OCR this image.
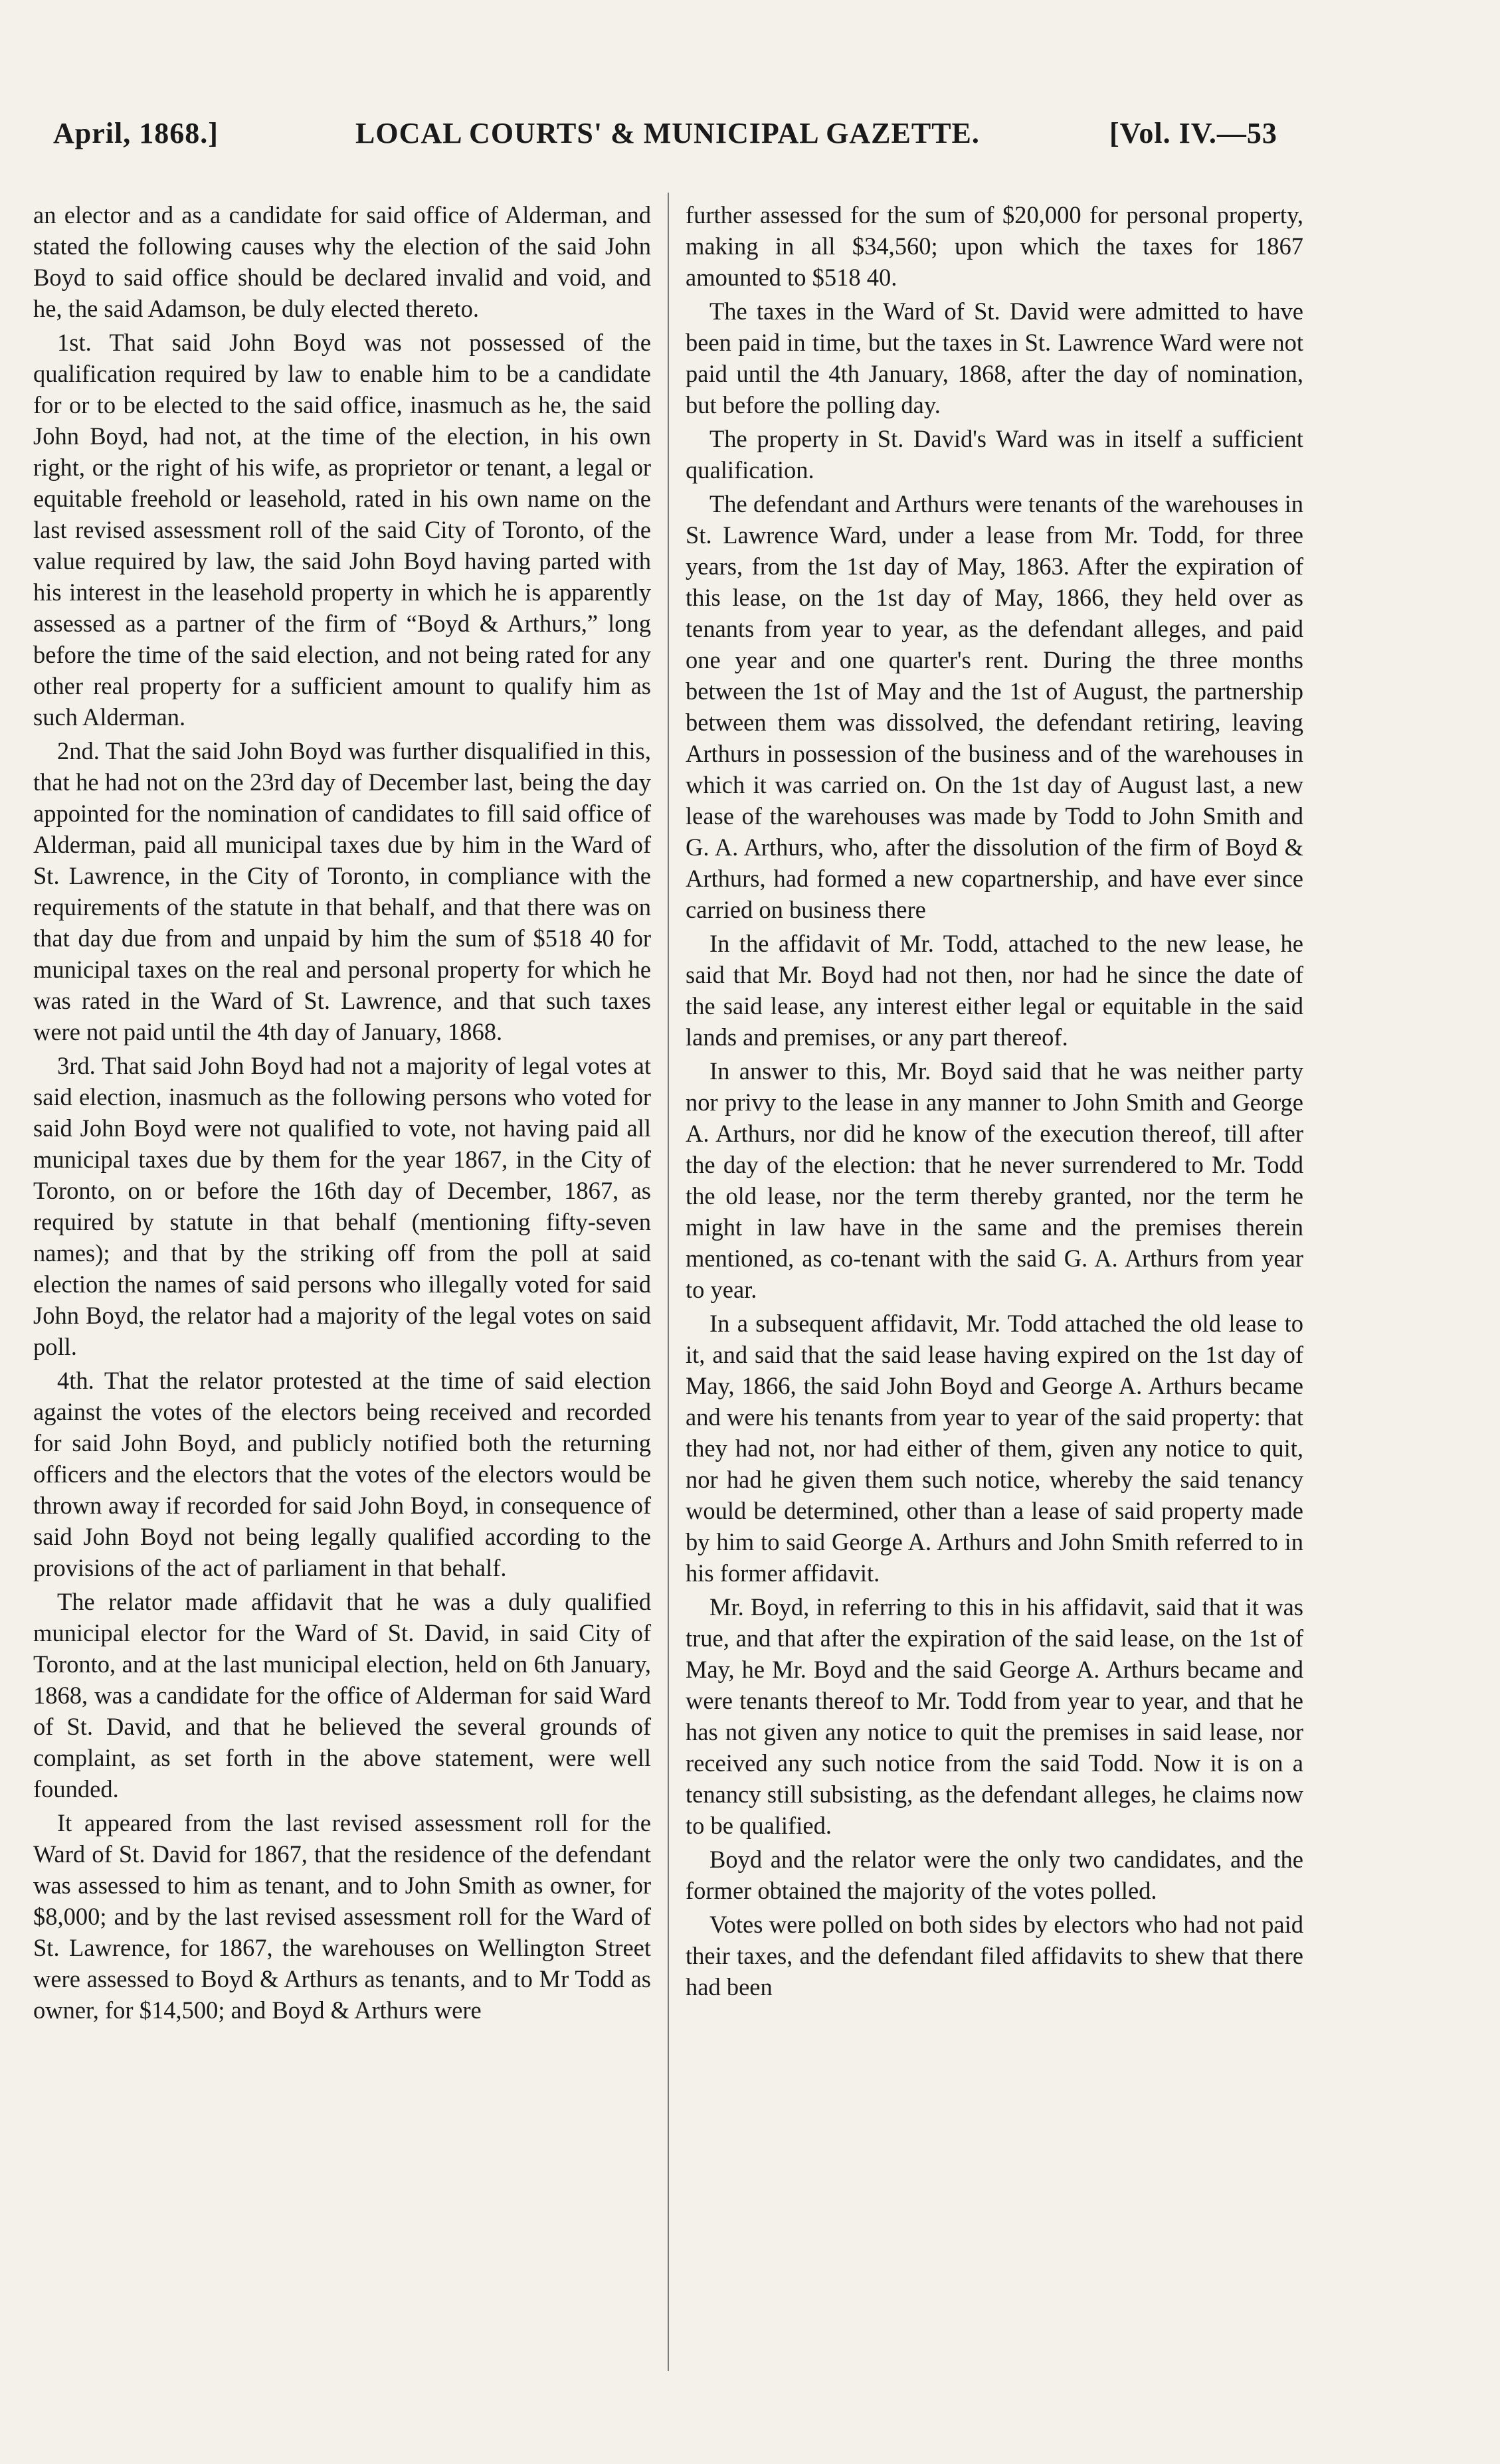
April, 1868.]	LOCAL COURTS' & MUNICIPAL GAZETTE.	[Vol. IV.—53

an elector and as a candidate for said office of Alderman, and stated the following causes why the election of the said John Boyd to said office should be declared invalid and void, and he, the said Adamson, be duly elected thereto.

1st. That said John Boyd was not possessed of the qualification required by law to enable him to be a candidate for or to be elected to the said office, inasmuch as he, the said John Boyd, had not, at the time of the election, in his own right, or the right of his wife, as proprietor or tenant, a legal or equitable freehold or leasehold, rated in his own name on the last revised assessment roll of the said City of Toronto, of the value required by law, the said John Boyd having parted with his interest in the leasehold property in which he is apparently assessed as a partner of the firm of “Boyd & Arthurs,” long before the time of the said election, and not being rated for any other real property for a sufficient amount to qualify him as such Alderman.

2nd. That the said John Boyd was further disqualified in this, that he had not on the 23rd day of December last, being the day appointed for the nomination of candidates to fill said office of Alderman, paid all municipal taxes due by him in the Ward of St. Lawrence, in the City of Toronto, in compliance with the requirements of the statute in that behalf, and that there was on that day due from and unpaid by him the sum of $518 40 for municipal taxes on the real and personal property for which he was rated in the Ward of St. Lawrence, and that such taxes were not paid until the 4th day of January, 1868.

3rd. That said John Boyd had not a majority of legal votes at said election, inasmuch as the following persons who voted for said John Boyd were not qualified to vote, not having paid all municipal taxes due by them for the year 1867, in the City of Toronto, on or before the 16th day of December, 1867, as required by statute in that behalf (mentioning fifty-seven names); and that by the striking off from the poll at said election the names of said persons who illegally voted for said John Boyd, the relator had a majority of the legal votes on said poll.

4th. That the relator protested at the time of said election against the votes of the electors being received and recorded for said John Boyd, and publicly notified both the returning officers and the electors that the votes of the electors would be thrown away if recorded for said John Boyd, in consequence of said John Boyd not being legally qualified according to the provisions of the act of parliament in that behalf.

The relator made affidavit that he was a duly qualified municipal elector for the Ward of St. David, in said City of Toronto, and at the last municipal election, held on 6th January, 1868, was a candidate for the office of Alderman for said Ward of St. David, and that he believed the several grounds of complaint, as set forth in the above statement, were well founded.

It appeared from the last revised assessment roll for the Ward of St. David for 1867, that the residence of the defendant was assessed to him as tenant, and to John Smith as owner, for $8,000; and by the last revised assessment roll for the Ward of St. Lawrence, for 1867, the warehouses on Wellington Street were assessed to Boyd & Arthurs as tenants, and to Mr Todd as owner, for $14,500; and Boyd & Arthurs were

further assessed for the sum of $20,000 for personal property, making in all $34,560; upon which the taxes for 1867 amounted to $518 40.

The taxes in the Ward of St. David were admitted to have been paid in time, but the taxes in St. Lawrence Ward were not paid until the 4th January, 1868, after the day of nomination, but before the polling day.

The property in St. David's Ward was in itself a sufficient qualification.

The defendant and Arthurs were tenants of the warehouses in St. Lawrence Ward, under a lease from Mr. Todd, for three years, from the 1st day of May, 1863. After the expiration of this lease, on the 1st day of May, 1866, they held over as tenants from year to year, as the defendant alleges, and paid one year and one quarter's rent. During the three months between the 1st of May and the 1st of August, the partnership between them was dissolved, the defendant retiring, leaving Arthurs in possession of the business and of the warehouses in which it was carried on. On the 1st day of August last, a new lease of the warehouses was made by Todd to John Smith and G. A. Arthurs, who, after the dissolution of the firm of Boyd & Arthurs, had formed a new copartnership, and have ever since carried on business there

In the affidavit of Mr. Todd, attached to the new lease, he said that Mr. Boyd had not then, nor had he since the date of the said lease, any interest either legal or equitable in the said lands and premises, or any part thereof.

In answer to this, Mr. Boyd said that he was neither party nor privy to the lease in any manner to John Smith and George A. Arthurs, nor did he know of the execution thereof, till after the day of the election: that he never surrendered to Mr. Todd the old lease, nor the term thereby granted, nor the term he might in law have in the same and the premises therein mentioned, as co-tenant with the said G. A. Arthurs from year to year.

In a subsequent affidavit, Mr. Todd attached the old lease to it, and said that the said lease having expired on the 1st day of May, 1866, the said John Boyd and George A. Arthurs became and were his tenants from year to year of the said property: that they had not, nor had either of them, given any notice to quit, nor had he given them such notice, whereby the said tenancy would be determined, other than a lease of said property made by him to said George A. Arthurs and John Smith referred to in his former affidavit.

Mr. Boyd, in referring to this in his affidavit, said that it was true, and that after the expiration of the said lease, on the 1st of May, he Mr. Boyd and the said George A. Arthurs became and were tenants thereof to Mr. Todd from year to year, and that he has not given any notice to quit the premises in said lease, nor received any such notice from the said Todd. Now it is on a tenancy still subsisting, as the defendant alleges, he claims now to be qualified.

Boyd and the relator were the only two candidates, and the former obtained the majority of the votes polled.

Votes were polled on both sides by electors who had not paid their taxes, and the defendant filed affidavits to shew that there had been
